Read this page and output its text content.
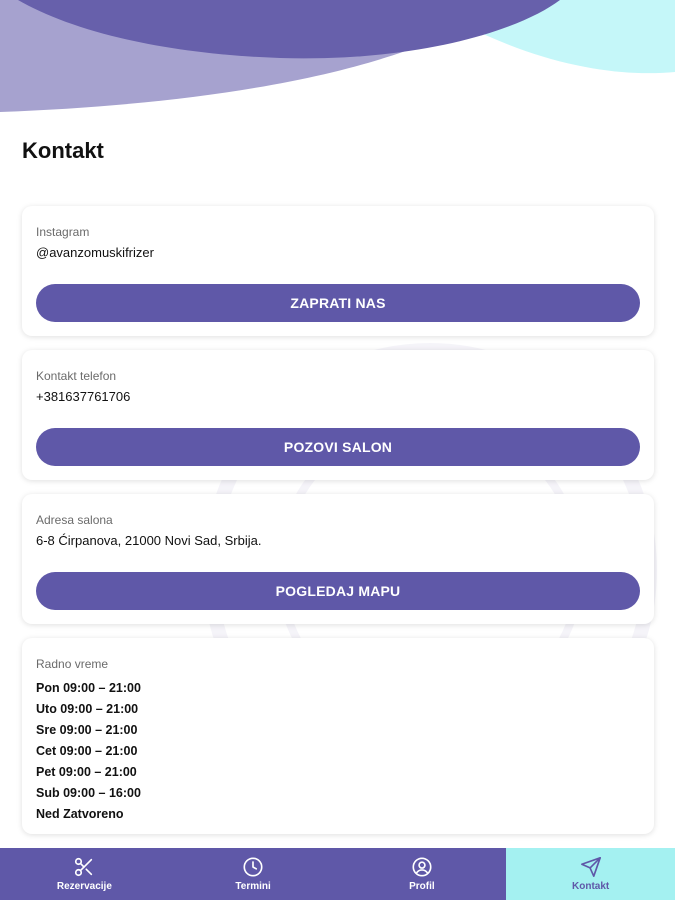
Kontakt
Instagram
@avanzomuskifrizer
ZAPRATI NAS
Kontakt telefon
+381637761706
POZOVI SALON
Adresa salona
6-8 Ćirpanova, 21000 Novi Sad, Srbija.
POGLEDAJ MAPU
Radno vreme
Pon 09:00 – 21:00
Uto 09:00 – 21:00
Sre 09:00 – 21:00
Cet 09:00 – 21:00
Pet 09:00 – 21:00
Sub 09:00 – 16:00
Ned Zatvoreno
Rezervacije	Termini	Profil	Kontakt
